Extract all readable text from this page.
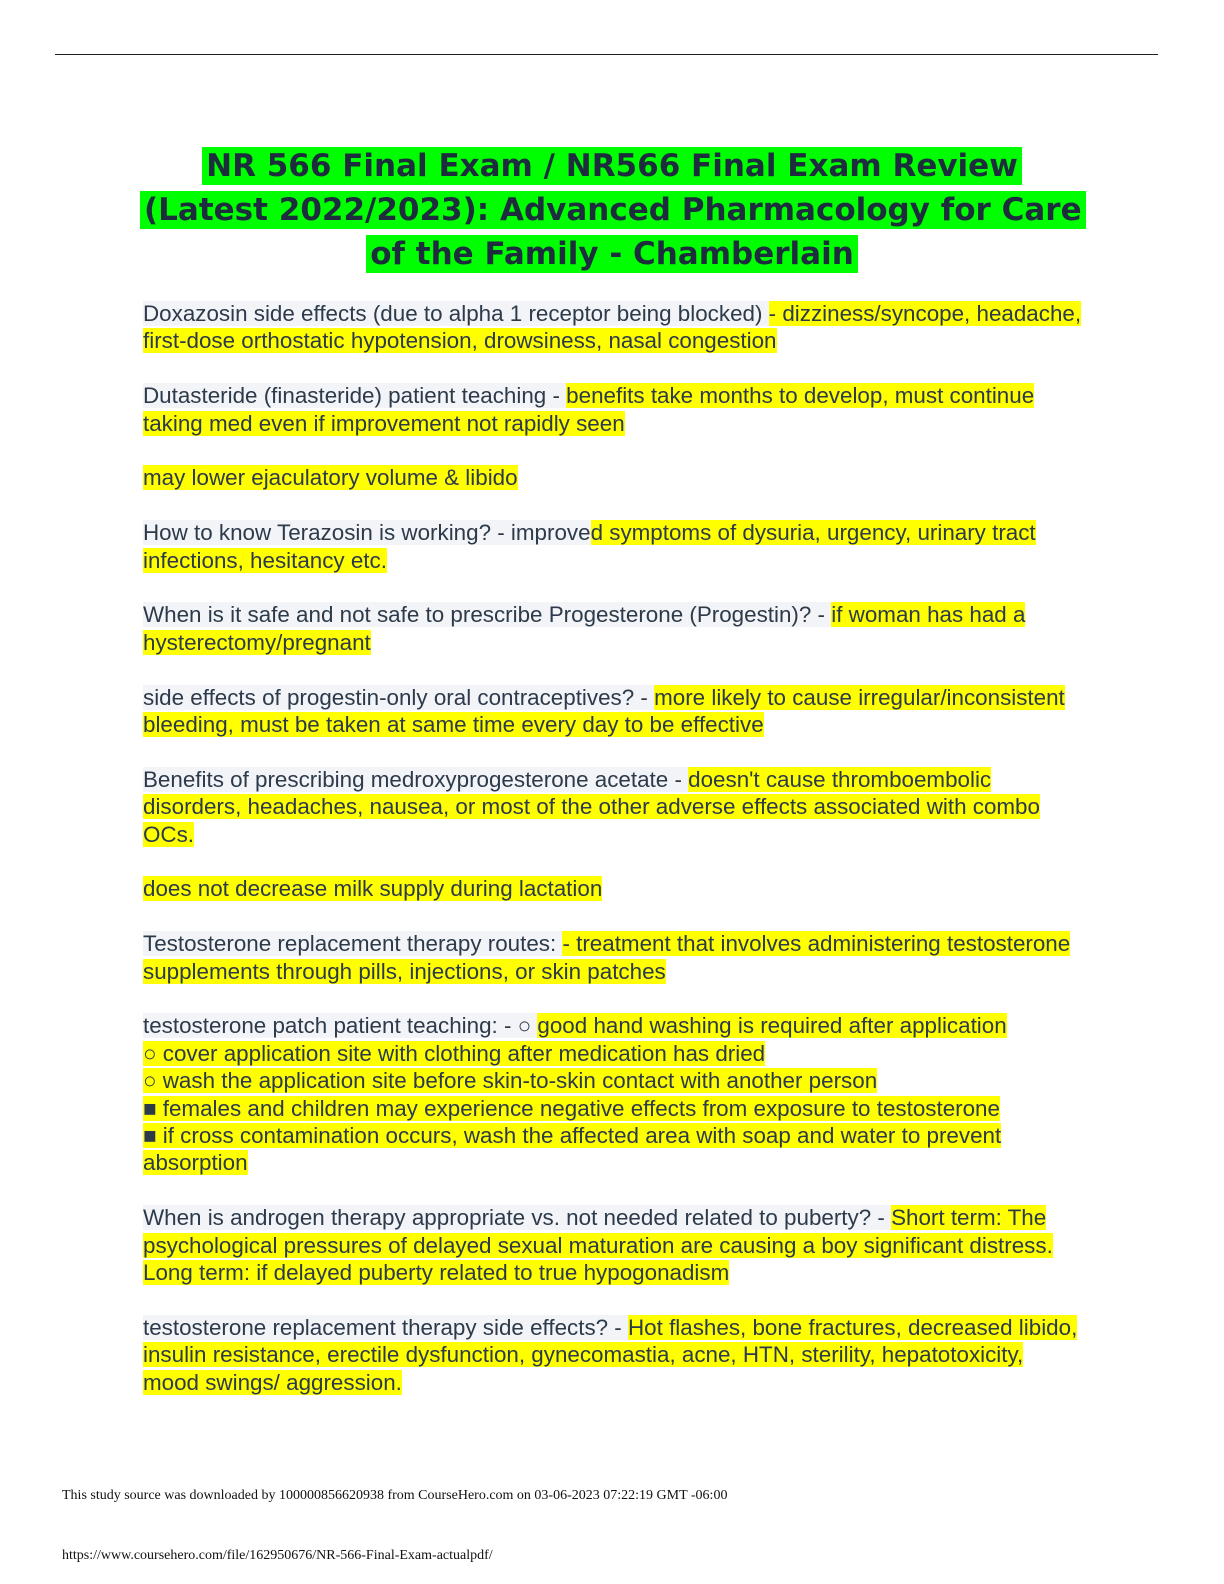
NR 566 Final Exam / NR566 Final Exam Review (Latest 2022/2023): Advanced Pharmacology for Care of the Family - Chamberlain

Doxazosin side effects (due to alpha 1 receptor being blocked) - dizziness/syncope, headache, first-dose orthostatic hypotension, drowsiness, nasal congestion

Dutasteride (finasteride) patient teaching - benefits take months to develop, must continue taking med even if improvement not rapidly seen

may lower ejaculatory volume & libido

How to know Terazosin is working? - improved symptoms of dysuria, urgency, urinary tract infections, hesitancy etc.

When is it safe and not safe to prescribe Progesterone (Progestin)? - if woman has had a hysterectomy/pregnant

side effects of progestin-only oral contraceptives? - more likely to cause irregular/inconsistent bleeding, must be taken at same time every day to be effective

Benefits of prescribing medroxyprogesterone acetate - doesn't cause thromboembolic disorders, headaches, nausea, or most of the other adverse effects associated with combo OCs.

does not decrease milk supply during lactation

Testosterone replacement therapy routes: - treatment that involves administering testosterone supplements through pills, injections, or skin patches

testosterone patch patient teaching: - ○ good hand washing is required after application
○ cover application site with clothing after medication has dried
○ wash the application site before skin-to-skin contact with another person
■ females and children may experience negative effects from exposure to testosterone
■ if cross contamination occurs, wash the affected area with soap and water to prevent absorption

When is androgen therapy appropriate vs. not needed related to puberty? - Short term: The psychological pressures of delayed sexual maturation are causing a boy significant distress.
Long term: if delayed puberty related to true hypogonadism

testosterone replacement therapy side effects? - Hot flashes, bone fractures, decreased libido, insulin resistance, erectile dysfunction, gynecomastia, acne, HTN, sterility, hepatotoxicity, mood swings/ aggression.

This study source was downloaded by 100000856620938 from CourseHero.com on 03-06-2023 07:22:19 GMT -06:00
https://www.coursehero.com/file/162950676/NR-566-Final-Exam-actualpdf/
